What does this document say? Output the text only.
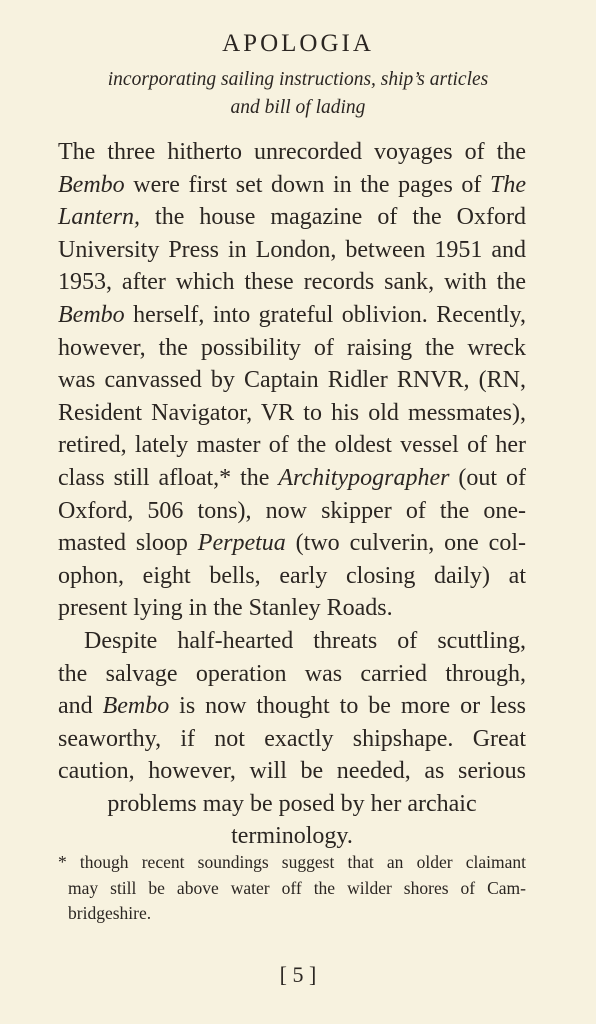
APOLOGIA
incorporating sailing instructions, ship’s articles
and bill of lading
The three hitherto unrecorded voyages of the
Bembo were first set down in the pages of The
Lantern, the house magazine of the Oxford
University Press in London, between 1951 and
1953, after which these records sank, with the
Bembo herself, into grateful oblivion. Recently,
however, the possibility of raising the wreck
was canvassed by Captain Ridler RNVR, (RN,
Resident Navigator, VR to his old messmates),
retired, lately master of the oldest vessel of her
class still afloat,* the Architypographer (out of
Oxford, 506 tons), now skipper of the one-
masted sloop Perpetua (two culverin, one col-
ophon, eight bells, early closing daily) at
present lying in the Stanley Roads.
Despite half-hearted threats of scuttling,
the salvage operation was carried through,
and Bembo is now thought to be more or less
seaworthy, if not exactly shipshape. Great
caution, however, will be needed, as serious
problems may be posed by her archaic
terminology.
* though recent soundings suggest that an older claimant
may still be above water off the wilder shores of Cam-
bridgeshire.
[ 5 ]
